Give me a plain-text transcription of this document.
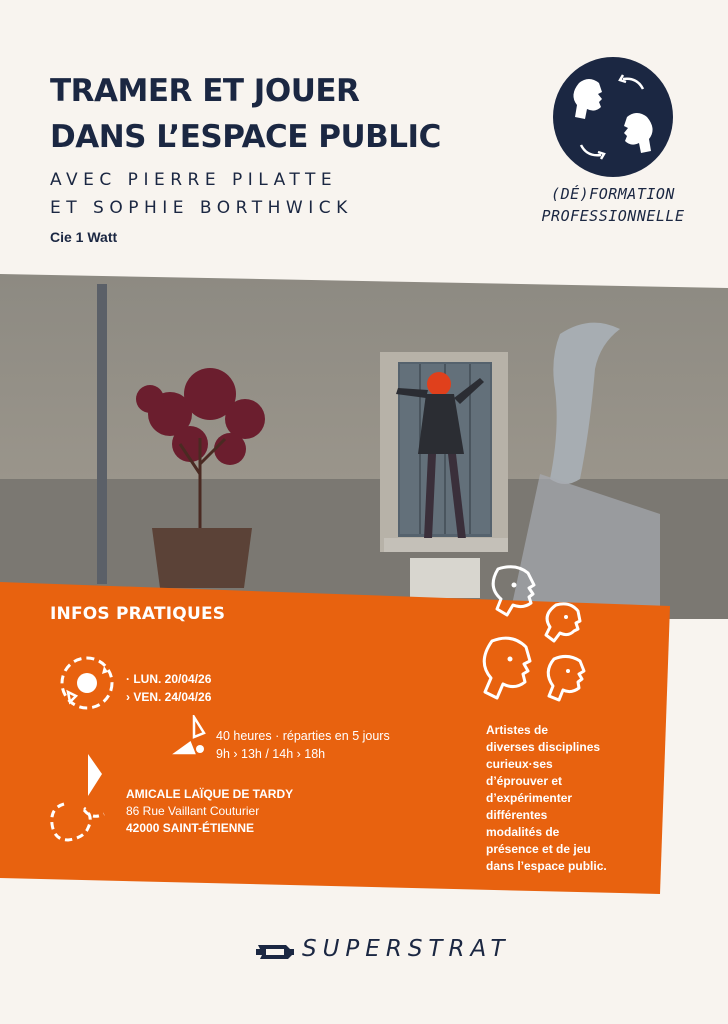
TRAMER ET JOUER
DANS L’ESPACE PUBLIC
AVEC PIERRE PILATTE
ET SOPHIE BORTHWICK
Cie 1 Watt
(DÉ)FORMATION
PROFESSIONNELLE
INFOS PRATIQUES
· LUN. 20/04/26
› VEN. 24/04/26
40 heures · réparties en 5 jours
9h › 13h / 14h › 18h
AMICALE LAÏQUE DE TARDY
86 Rue Vaillant Couturier
42000 SAINT-ÉTIENNE
Artistes de
diverses disciplines
curieux·ses
d’éprouver et
d’expérimenter
différentes
modalités de
présence et de jeu
dans l’espace public.
SUPERSTRAT
